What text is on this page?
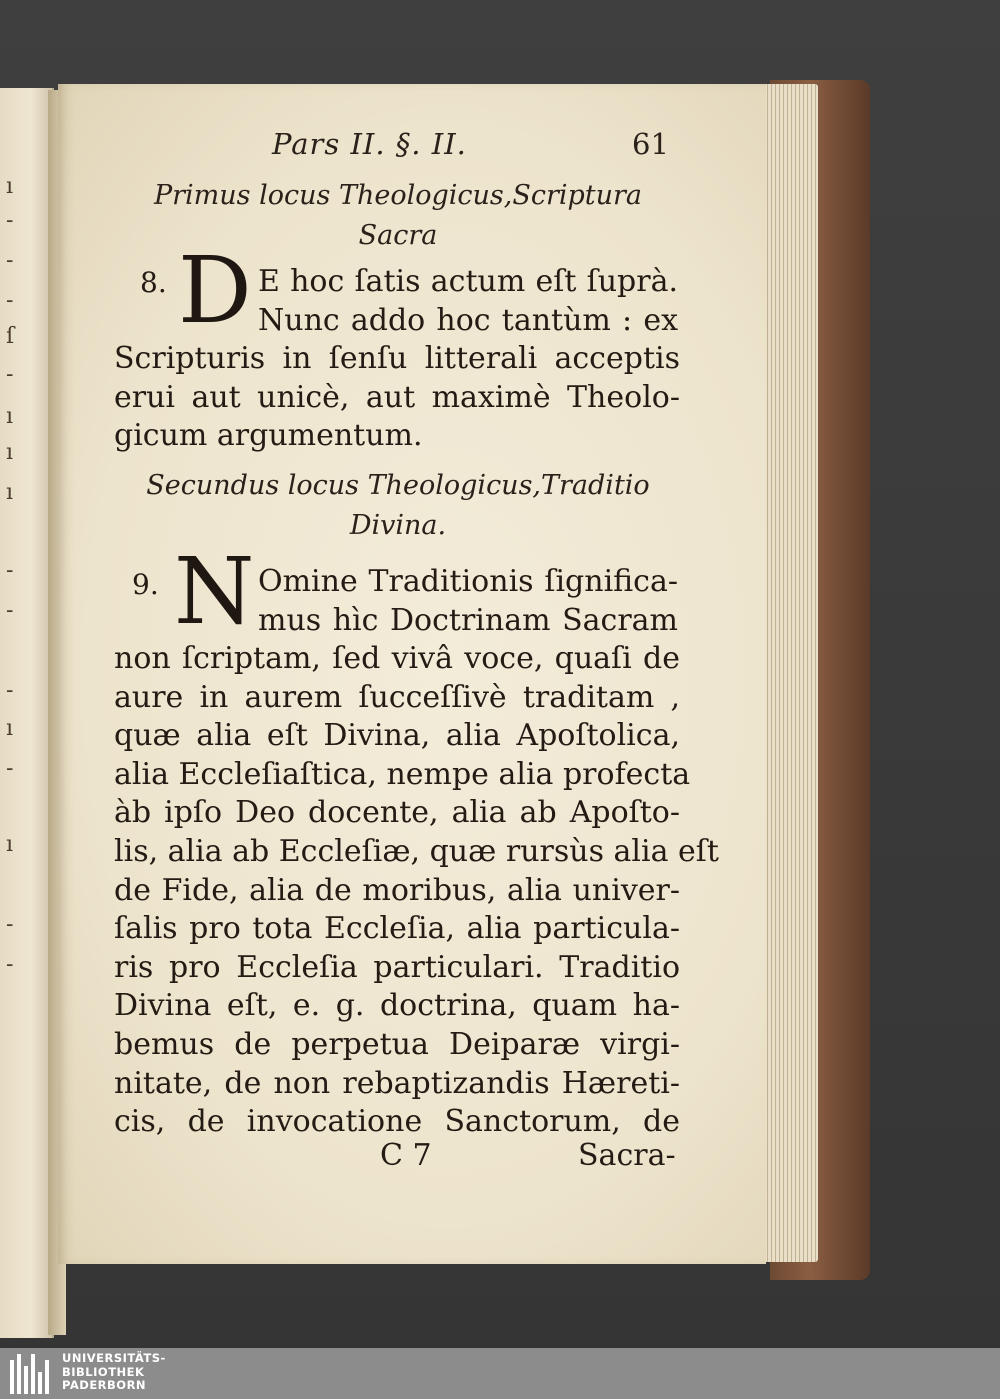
ı
-
-
-
ſ
-
ı
ı
ı
-
-
-
ı
-
ı
-
-
Pars II. §. II.	61
Primus locus Theologicus,Scriptura
Sacra
8. D E hoc ſatis actum eſt ſuprà.
Nunc addo hoc tantùm : ex
Scripturis in ſenſu litterali acceptis
erui aut unicè, aut maximè Theolo-
gicum argumentum.
Secundus locus Theologicus,Traditio
Divina.
9. N Omine Traditionis ſignifica-
mus hìc Doctrinam Sacram
non ſcriptam, ſed vivâ voce, quaſi de
aure in aurem ſucceſſivè traditam ,
quæ alia eſt Divina, alia Apoſtolica,
alia Eccleſiaſtica, nempe alia profecta
àb ipſo Deo docente, alia ab Apoſto-
lis, alia ab Eccleſiæ, quæ rursùs alia eſt
de Fide, alia de moribus, alia univer-
ſalis pro tota Eccleſia, alia particula-
ris pro Eccleſia particulari. Traditio
Divina eſt, e. g. doctrina, quam ha-
bemus de perpetua Deiparæ virgi-
nitate, de non rebaptizandis Hæreti-
cis, de invocatione Sanctorum, de
C 7	Sacra-
UNIVERSITÄTS-
BIBLIOTHEK
PADERBORN
